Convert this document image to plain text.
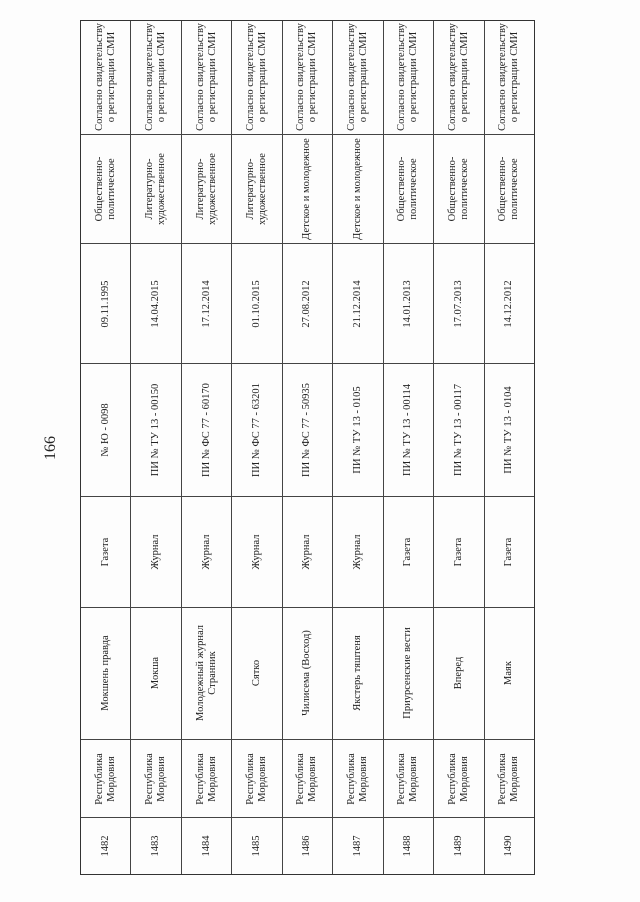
166
1482
Республика Мордовия
Мокшень правда
Газета
№ Ю - 0098
09.11.1995
Общественно-политическое
Согласно свидетельству о регистрации СМИ
1483
Республика Мордовия
Мокша
Журнал
ПИ № ТУ 13 - 00150
14.04.2015
Литературно-художественное
Согласно свидетельству о регистрации СМИ
1484
Республика Мордовия
Молодежный журнал Странник
Журнал
ПИ № ФС 77 - 60170
17.12.2014
Литературно-художественное
Согласно свидетельству о регистрации СМИ
1485
Республика Мордовия
Сятко
Журнал
ПИ № ФС 77 - 63201
01.10.2015
Литературно-художественное
Согласно свидетельству о регистрации СМИ
1486
Республика Мордовия
Чилисема (Восход)
Журнал
ПИ № ФС 77 - 50935
27.08.2012
Детское и молодежное
Согласно свидетельству о регистрации СМИ
1487
Республика Мордовия
Якстерь тяштеня
Журнал
ПИ № ТУ 13 - 0105
21.12.2014
Детское и молодежное
Согласно свидетельству о регистрации СМИ
1488
Республика Мордовия
Приурсенские вести
Газета
ПИ № ТУ 13 - 00114
14.01.2013
Общественно-политическое
Согласно свидетельству о регистрации СМИ
1489
Республика Мордовия
Вперед
Газета
ПИ № ТУ 13 - 00117
17.07.2013
Общественно-политическое
Согласно свидетельству о регистрации СМИ
1490
Республика Мордовия
Маяк
Газета
ПИ № ТУ 13 - 0104
14.12.2012
Общественно-политическое
Согласно свидетельству о регистрации СМИ
